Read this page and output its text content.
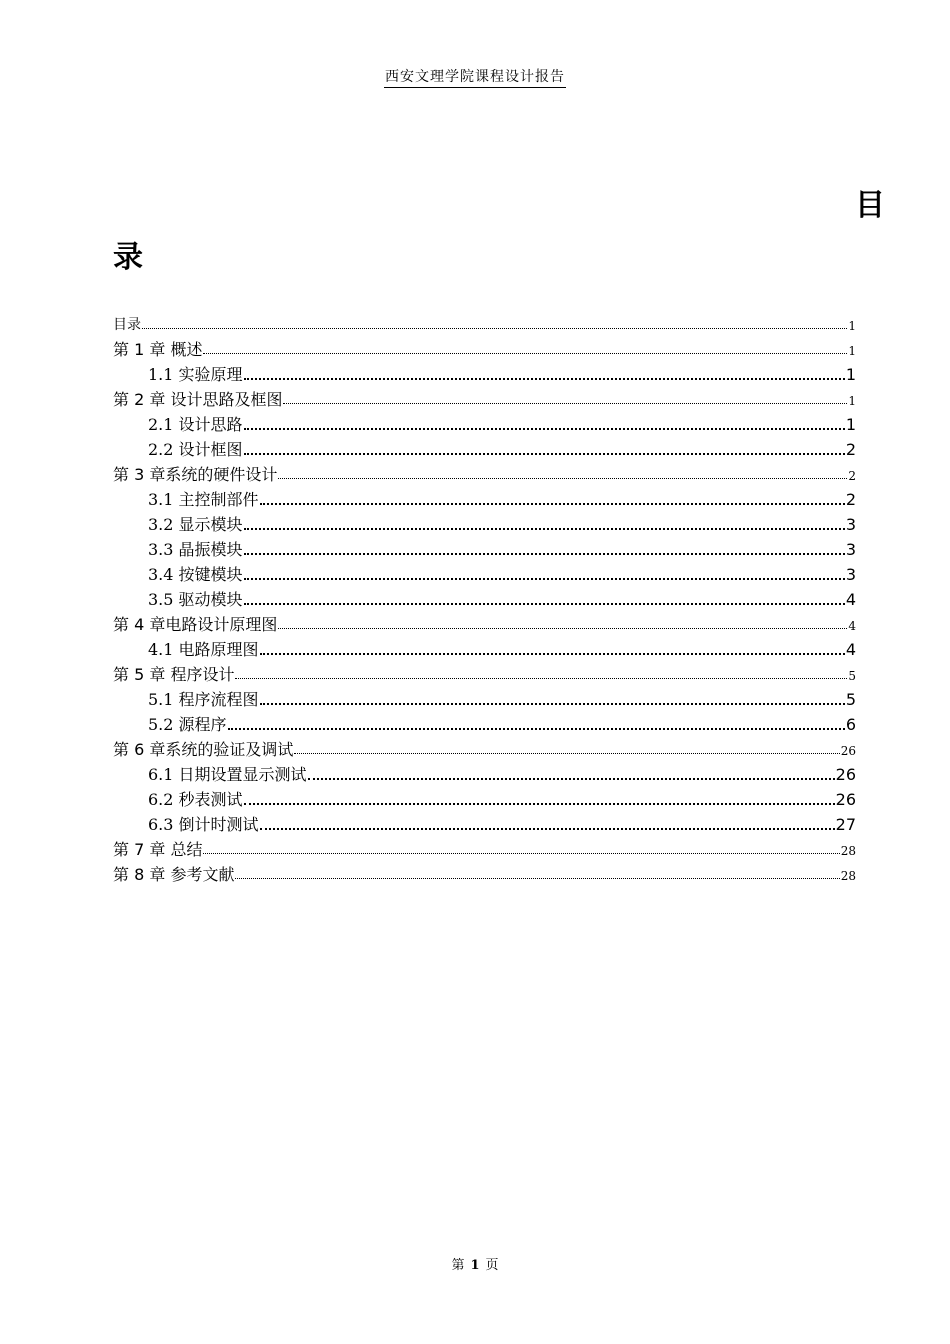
西安文理学院课程设计报告
目
录
目录	1
第 1 章 概述	1
1.1 实验原理	1
第 2 章 设计思路及框图	1
2.1 设计思路	1
2.2 设计框图	2
第 3 章系统的硬件设计	2
3.1 主控制部件	2
3.2 显示模块	3
3.3 晶振模块	3
3.4 按键模块	3
3.5 驱动模块	4
第 4 章电路设计原理图	4
4.1 电路原理图	4
第 5 章 程序设计	5
5.1 程序流程图	5
5.2 源程序	6
第 6 章系统的验证及调试	26
6.1 日期设置显示测试	26
6.2 秒表测试	26
6.3 倒计时测试	27
第 7 章 总结	28
第 8 章 参考文献	28
第 1 页
